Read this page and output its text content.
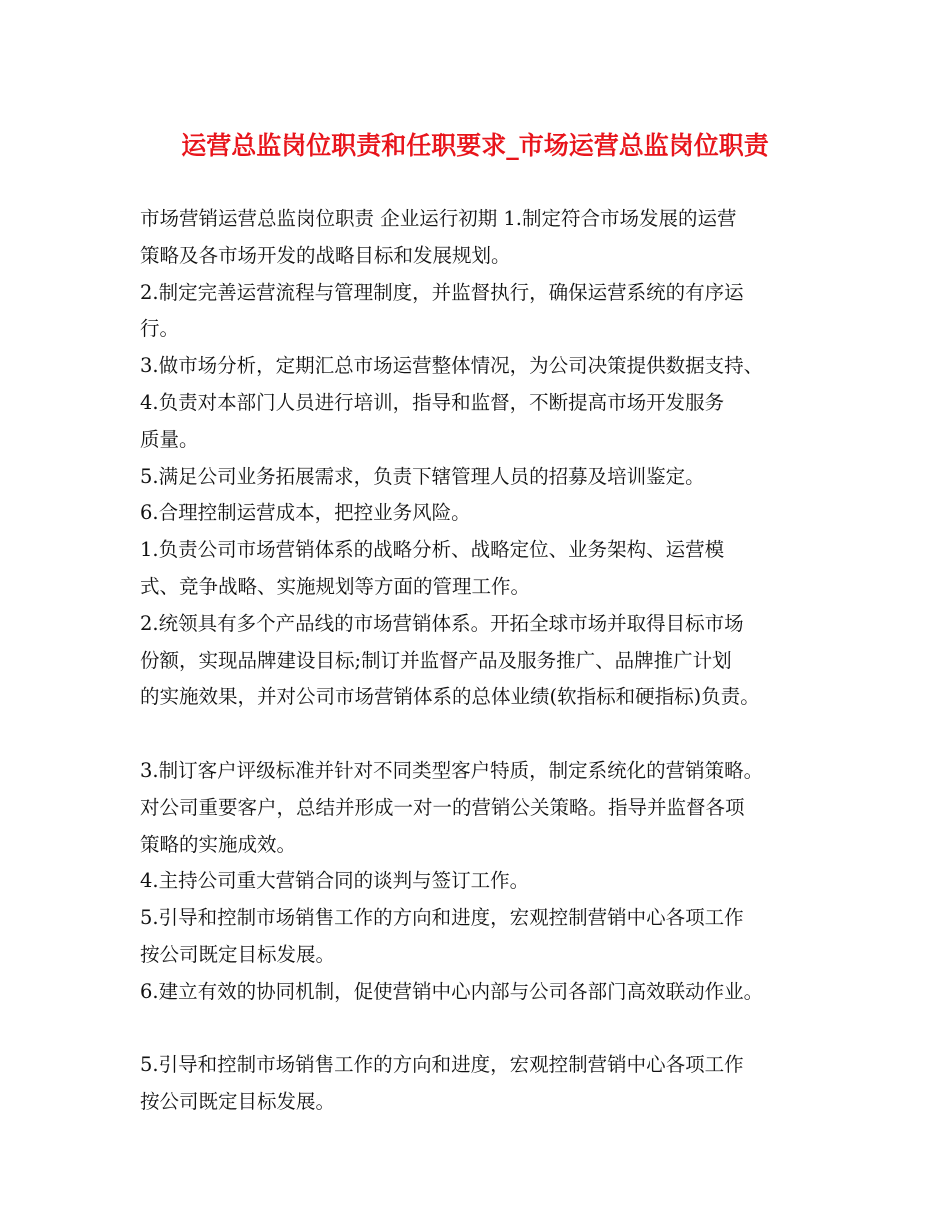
运营总监岗位职责和任职要求_市场运营总监岗位职责
市场营销运营总监岗位职责 企业运行初期 1.制定符合市场发展的运营
策略及各市场开发的战略目标和发展规划。
2.制定完善运营流程与管理制度，并监督执行，确保运营系统的有序运
行。
3.做市场分析，定期汇总市场运营整体情况，为公司决策提供数据支持、
4.负责对本部门人员进行培训，指导和监督，不断提高市场开发服务
质量。
5.满足公司业务拓展需求，负责下辖管理人员的招募及培训鉴定。
6.合理控制运营成本，把控业务风险。
1.负责公司市场营销体系的战略分析、战略定位、业务架构、运营模
式、竞争战略、实施规划等方面的管理工作。
2.统领具有多个产品线的市场营销体系。开拓全球市场并取得目标市场
份额，实现品牌建设目标;制订并监督产品及服务推广、品牌推广计划
的实施效果，并对公司市场营销体系的总体业绩(软指标和硬指标)负责。
3.制订客户评级标准并针对不同类型客户特质，制定系统化的营销策略。
对公司重要客户，总结并形成一对一的营销公关策略。指导并监督各项
策略的实施成效。
4.主持公司重大营销合同的谈判与签订工作。
5.引导和控制市场销售工作的方向和进度，宏观控制营销中心各项工作
按公司既定目标发展。
6.建立有效的协同机制，促使营销中心内部与公司各部门高效联动作业。
5.引导和控制市场销售工作的方向和进度，宏观控制营销中心各项工作
按公司既定目标发展。
